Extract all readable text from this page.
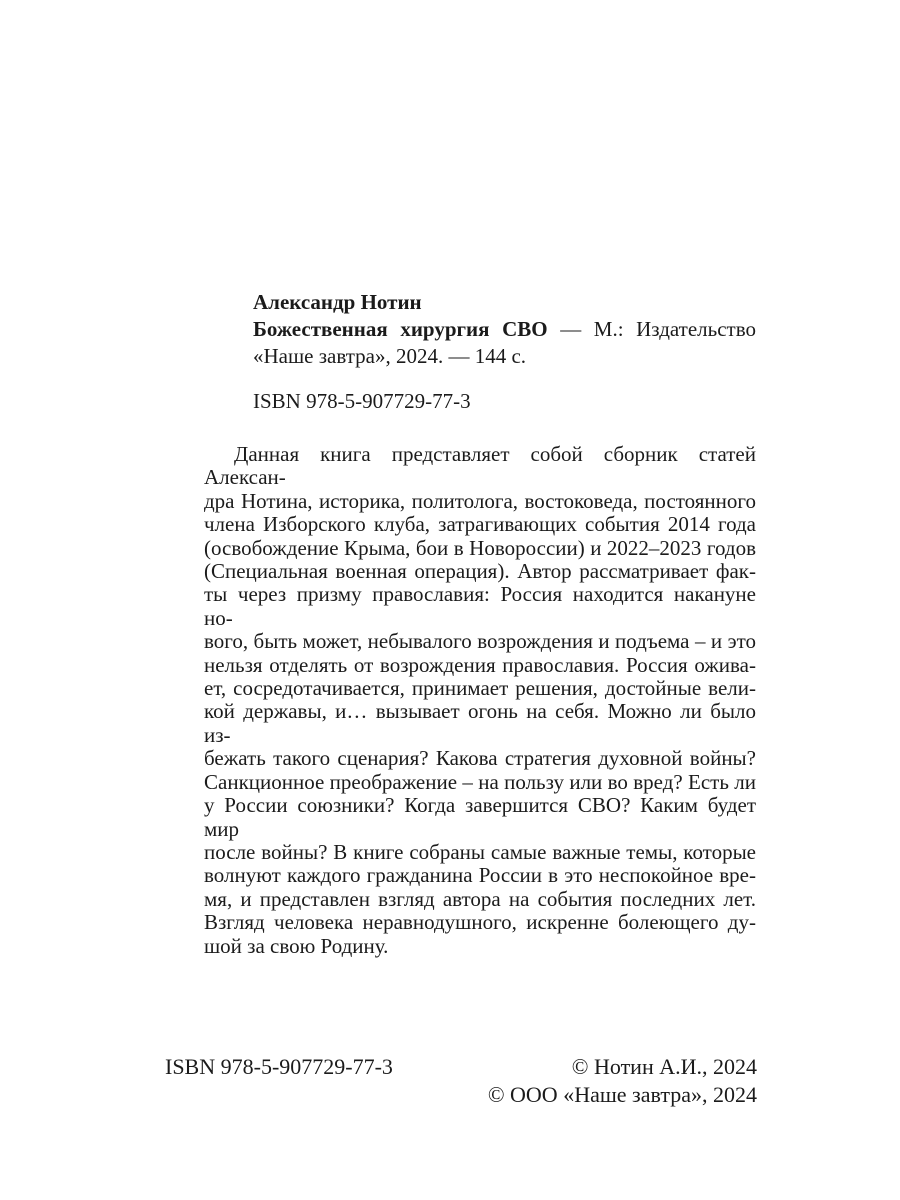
Александр Нотин
Божественная хирургия СВО — М.: Издательство
«Наше завтра», 2024. — 144 с.
ISBN 978-5-907729-77-3
Данная книга представляет собой сборник статей Алексан-
дра Нотина, историка, политолога, востоковеда, постоянного
члена Изборского клуба, затрагивающих события 2014 года
(освобождение Крыма, бои в Новороссии) и 2022–2023 годов
(Специальная военная операция). Автор рассматривает фак-
ты через призму православия: Россия находится накануне но-
вого, быть может, небывалого возрождения и подъема – и это
нельзя отделять от возрождения православия. Россия ожива-
ет, сосредотачивается, принимает решения, достойные вели-
кой державы, и… вызывает огонь на себя. Можно ли было из-
бежать такого сценария? Какова стратегия духовной войны?
Санкционное преображение – на пользу или во вред? Есть ли
у России союзники? Когда завершится СВО? Каким будет мир
после войны? В книге собраны самые важные темы, которые
волнуют каждого гражданина России в это неспокойное вре-
мя, и представлен взгляд автора на события последних лет.
Взгляд человека неравнодушного, искренне болеющего ду-
шой за свою Родину.
ISBN 978-5-907729-77-3	© Нотин А.И., 2024
© ООО «Наше завтра», 2024
